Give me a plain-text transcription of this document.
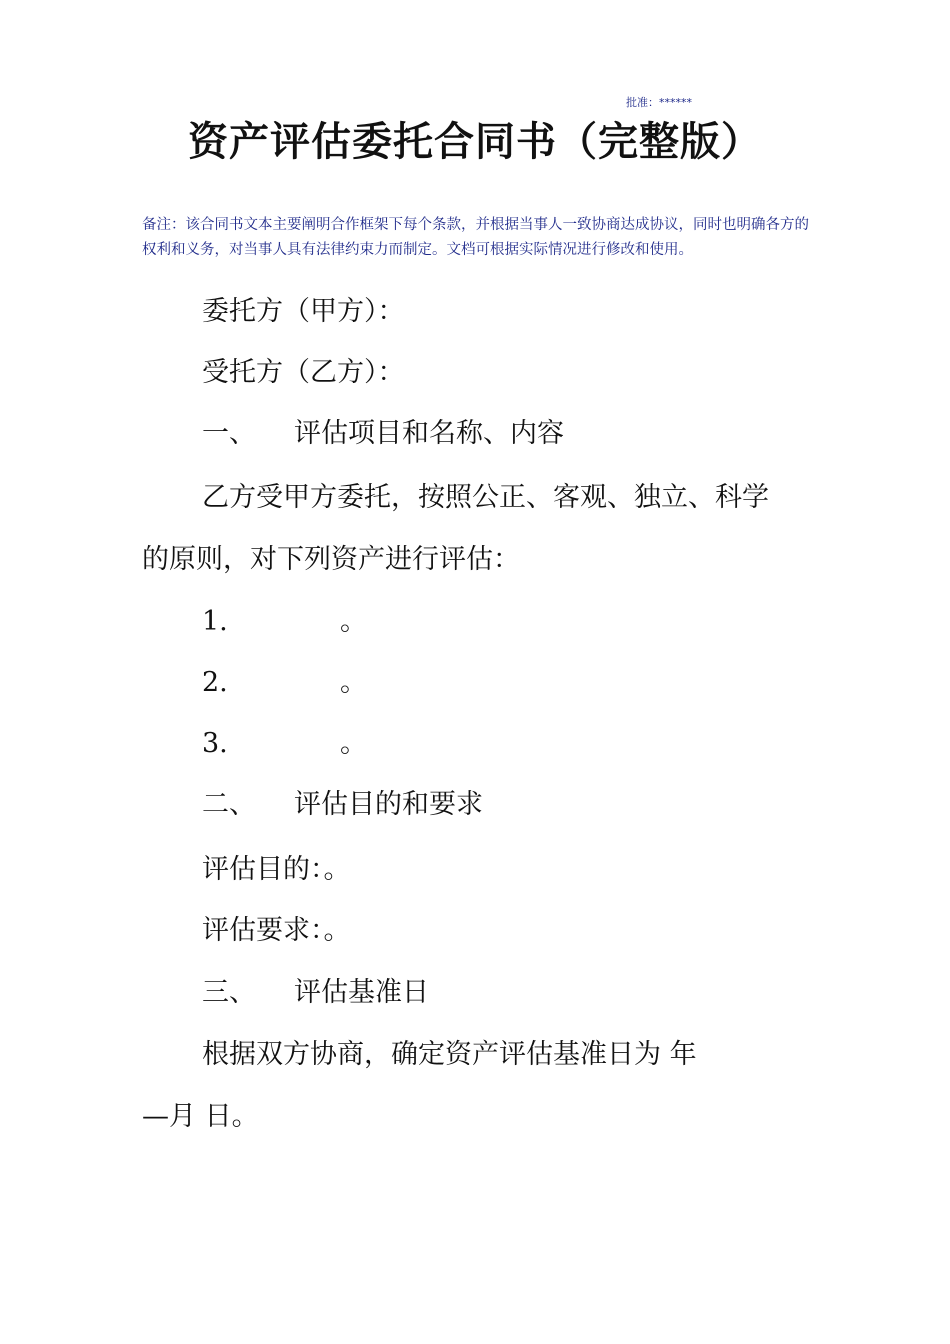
批准：******
资产评估委托合同书（完整版）
备注：该合同书文本主要阐明合作框架下每个条款，并根据当事人一致协商达成协议，同时也明确各方的权利和义务，对当事人具有法律约束力而制定。文档可根据实际情况进行修改和使用。
委托方（甲方）：
受托方（乙方）：
一、 评估项目和名称、内容
乙方受甲方委托，按照公正、客观、独立、科学
的原则，对下列资产进行评估：
1.	。
2.	。
3.	。
二、 评估目的和要求
评估目的：。
评估要求：。
三、 评估基准日
根据双方协商，确定资产评估基准日为 年
—月 日。
